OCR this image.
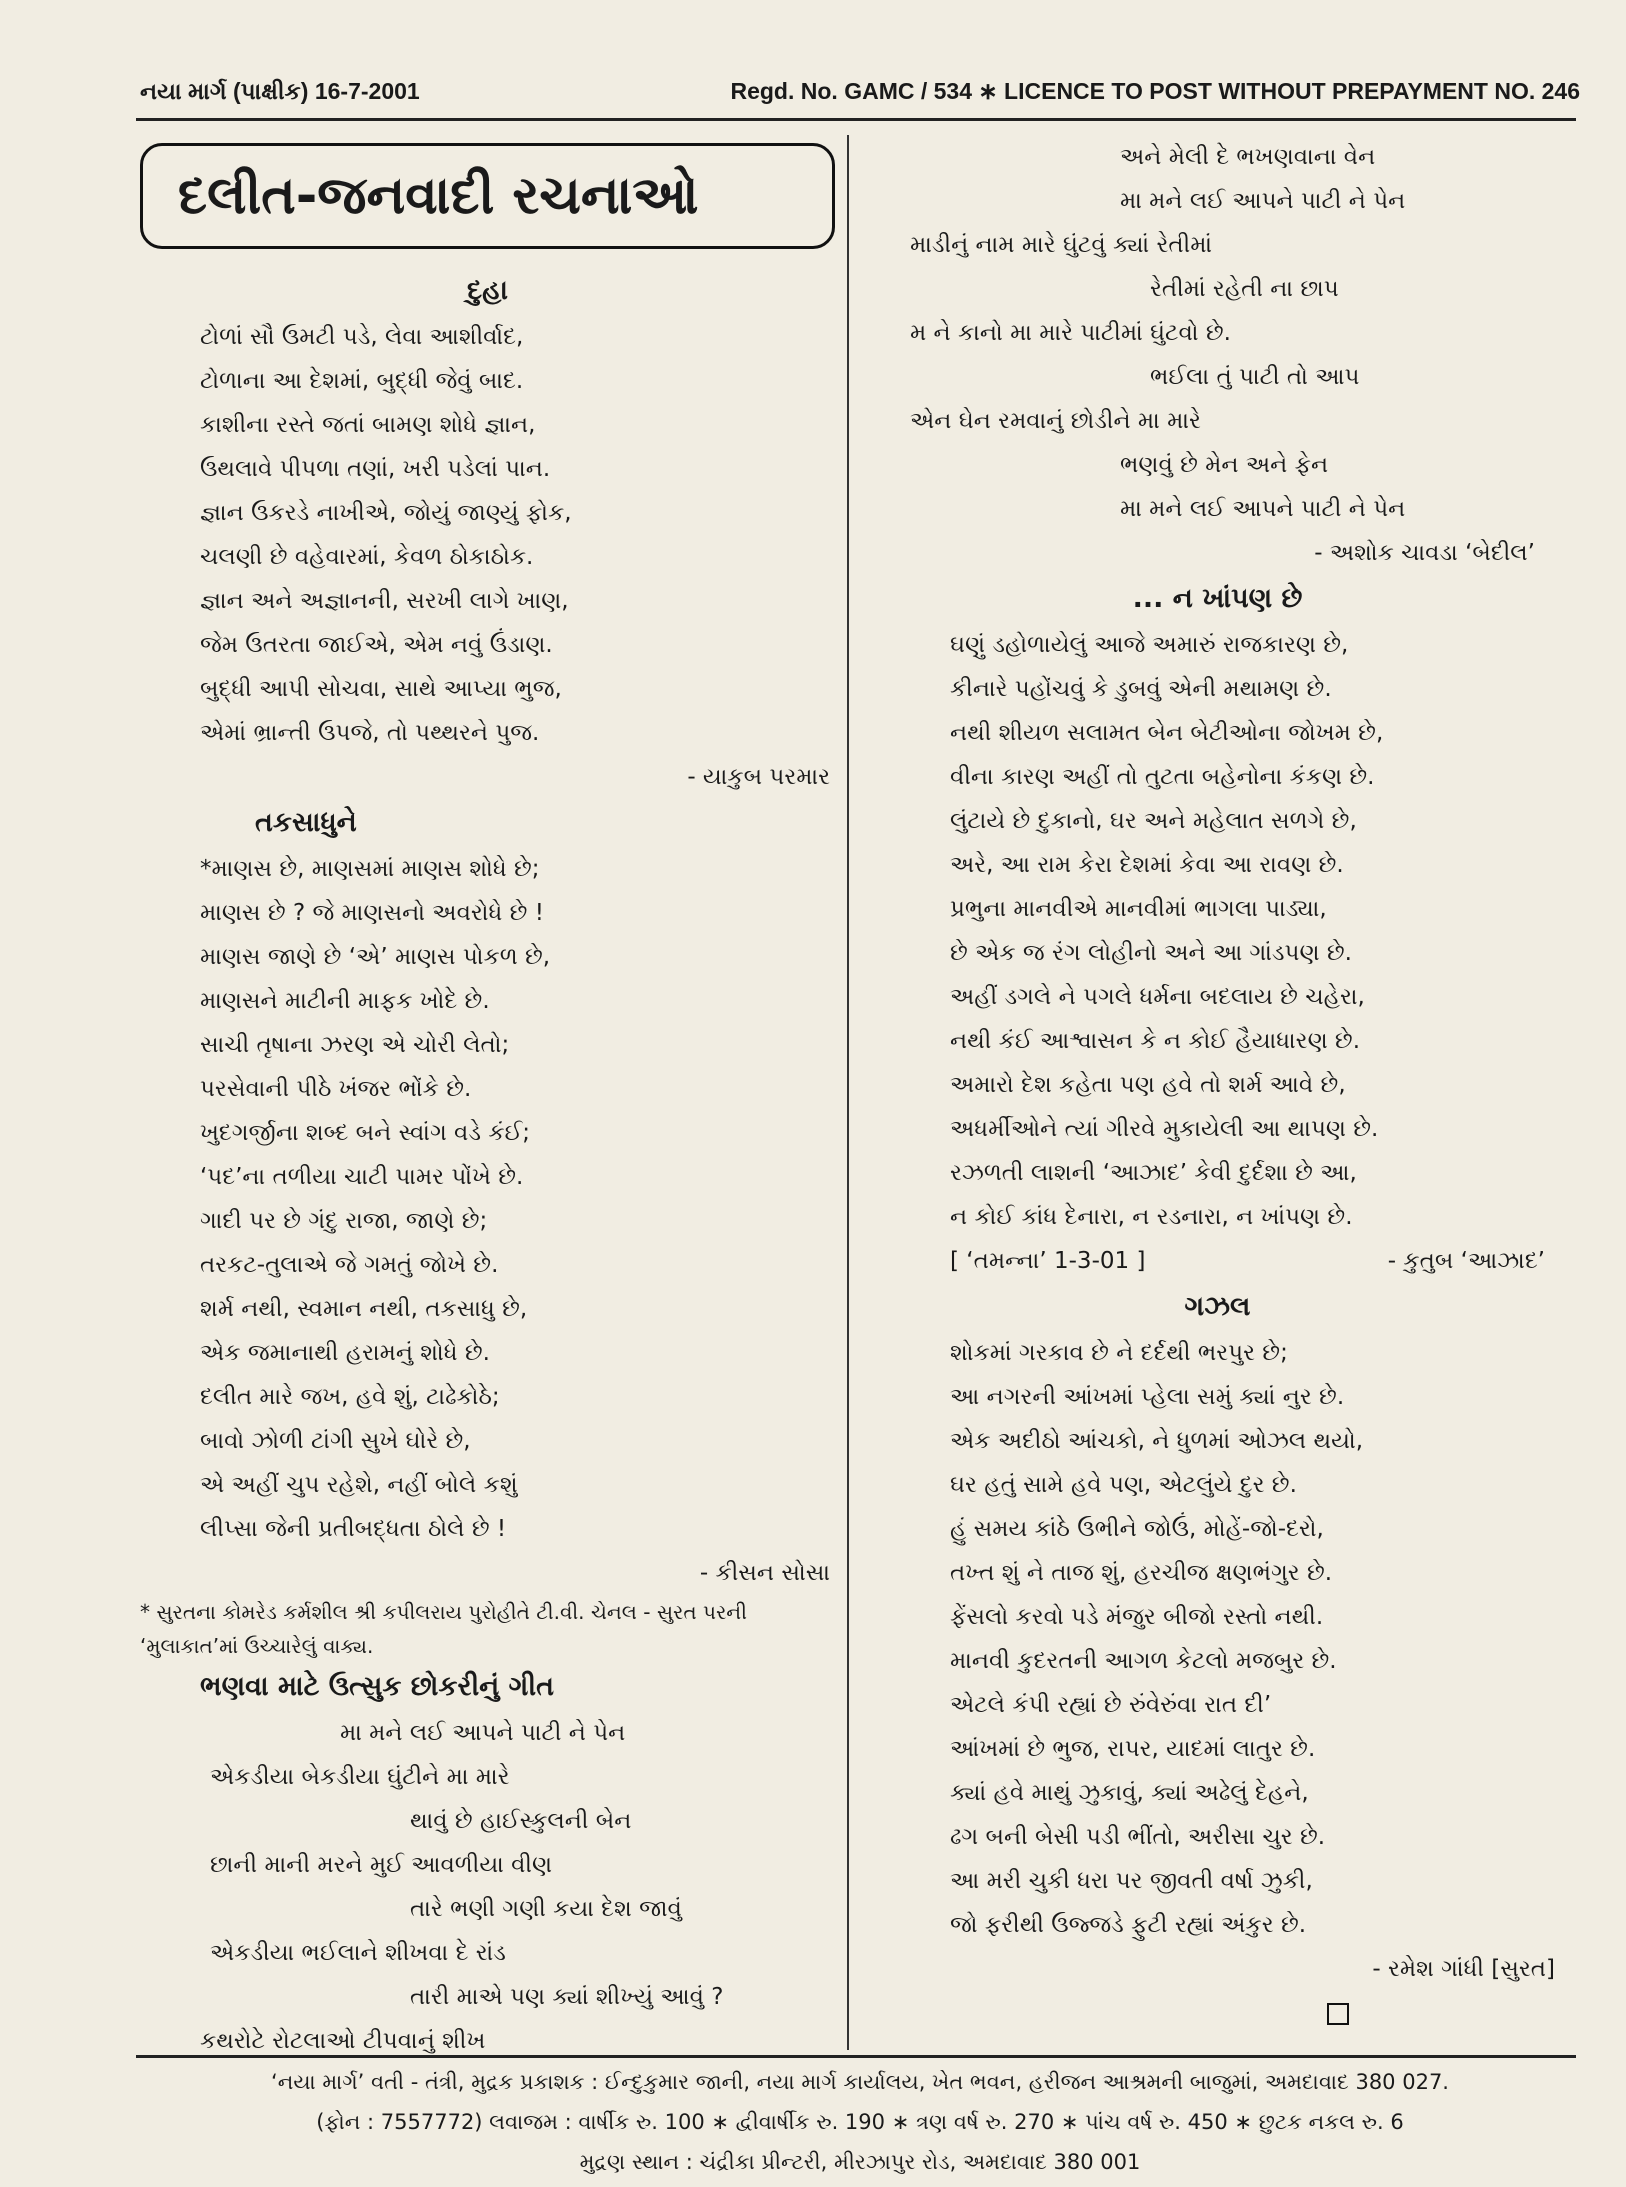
નયા માર્ગ (પાક્ષીક) 16-7-2001	Regd. No. GAMC / 534 ∗ LICENCE TO POST WITHOUT PREPAYMENT NO. 246
દલીત-જનવાદી રચનાઓ
દુહા
ટોળાં સૌ ઉમટી પડે, લેવા આશીર્વાદ,
ટોળાના આ દેશમાં, બુદ્ધી જેવું બાદ.
કાશીના રસ્તે જતાં બામણ શોધે જ્ઞાન,
ઉથલાવે પીપળા તણાં, ખરી પડેલાં પાન.
જ્ઞાન ઉકરડે નાખીએ, જોયું જાણ્યું ફોક,
ચલણી છે વહેવારમાં, કેવળ ઠોકાઠોક.
જ્ઞાન અને અજ્ઞાનની, સરખી લાગે ખાણ,
જેમ ઉતરતા જાઈએ, એમ નવું ઉંડાણ.
બુદ્ધી આપી સોચવા, સાથે આપ્યા ભુજ,
એમાં ભ્રાન્તી ઉપજે, તો પથ્થરને પુજ.
- યાકુબ પરમાર
તકસાધુને
*માણસ છે, માણસમાં માણસ શોધે છે;
માણસ છે ? જે માણસનો અવરોધે છે !
માણસ જાણે છે ‘એ’ માણસ પોકળ છે,
માણસને માટીની માફક ખોદે છે.
સાચી તૃષાના ઝરણ એ ચોરી લેતો;
પરસેવાની પીઠે ખંજર ભોંકે છે.
ખુદગર્જીના શબ્દ બને સ્વાંગ વડે કંઈ;
‘પદ’ના તળીયા ચાટી પામર પોંખે છે.
ગાદી પર છે ગંદુ રાજા, જાણે છે;
તરકટ-તુલાએ જે ગમતું જોખે છે.
શર્મ નથી, સ્વમાન નથી, તકસાધુ છે,
એક જમાનાથી હરામનું શોધે છે.
દલીત મારે જખ, હવે શું, ટાઢેકોઠે;
બાવો ઝોળી ટાંગી સુખે ઘોરે છે,
એ અહીં ચુપ રહેશે, નહીં બોલે કશું
લીપ્સા જેની પ્રતીબદ્ધતા ઠોલે છે !
- કીસન સોસા
* સુરતના કોમરેડ કર્મશીલ શ્રી કપીલરાય પુરોહીતે ટી.વી. ચેનલ - સુરત પરની ‘મુલાકાત’માં ઉચ્ચારેલું વાક્ય.
ભણવા માટે ઉત્સુક છોકરીનું ગીત
મા મને લઈ આપને પાટી ને પેન
એકડીયા બેકડીયા ઘુંટીને મા મારે
થાવું છે હાઈસ્કુલની બેન
છાની માની મરને મુઈ આવળીયા વીણ
તારે ભણી ગણી કયા દેશ જાવું
એકડીયા ભઈલાને શીખવા દે રાંડ
તારી માએ પણ ક્યાં શીખ્યું આવું ?
કથરોટે રોટલાઓ ટીપવાનું શીખ
અને મેલી દે ભખણવાના વેન
મા મને લઈ આપને પાટી ને પેન
માડીનું નામ મારે ઘુંટવું ક્યાં રેતીમાં
રેતીમાં રહેતી ના છાપ
મ ને કાનો મા મારે પાટીમાં ઘુંટવો છે.
ભઈલા તું પાટી તો આપ
એન ઘેન રમવાનું છોડીને મા મારે
ભણવું છે મેન અને ફેન
મા મને લઈ આપને પાટી ને પેન
- અશોક ચાવડા ‘બેદીલ’
... ન ખાંપણ છે
ઘણું ડહોળાયેલું આજે અમારું રાજકારણ છે,
કીનારે પહોંચવું કે ડુબવું એની મથામણ છે.
નથી શીયળ સલામત બેન બેટીઓના જોખમ છે,
વીના કારણ અહીં તો તુટતા બહેનોના કંકણ છે.
લુંટાયે છે દુકાનો, ઘર અને મહેલાત સળગે છે,
અરે, આ રામ કેરા દેશમાં કેવા આ રાવણ છે.
પ્રભુના માનવીએ માનવીમાં ભાગલા પાડ્યા,
છે એક જ રંગ લોહીનો અને આ ગાંડપણ છે.
અહીં ડગલે ને પગલે ધર્મના બદલાય છે ચહેરા,
નથી કંઈ આશ્વાસન કે ન કોઈ હૈયાધારણ છે.
અમારો દેશ કહેતા પણ હવે તો શર્મ આવે છે,
અધર્મીઓને ત્યાં ગીરવે મુકાયેલી આ થાપણ છે.
રઝળતી લાશની ‘આઝાદ’ કેવી દુર્દશા છે આ,
ન કોઈ કાંધ દેનારા, ન રડનારા, ન ખાંપણ છે.
[ ‘તમન્ના’ 1-3-01 ]	- કુતુબ ‘આઝાદ’
ગઝલ
શોકમાં ગરકાવ છે ને દર્દથી ભરપુર છે;
આ નગરની આંખમાં પ્હેલા સમું ક્યાં નુર છે.
એક અદીઠો આંચકો, ને ધુળમાં ઓઝલ થયો,
ઘર હતું સામે હવે પણ, એટલુંયે દુર છે.
હું સમય કાંઠે ઉભીને જોઉં, મોહેં-જો-દરો,
તખ્ત શું ને તાજ શું, હરચીજ ક્ષણભંગુર છે.
ફેંસલો કરવો પડે મંજુર બીજો રસ્તો નથી.
માનવી કુદરતની આગળ કેટલો મજબુર છે.
એટલે કંપી રહ્યાં છે રુંવેરુંવા રાત દી’
આંખમાં છે ભુજ, રાપર, યાદમાં લાતુર છે.
ક્યાં હવે માથું ઝુકાવું, ક્યાં અઢેલું દેહને,
ઢગ બની બેસી પડી ભીંતો, અરીસા ચુર છે.
આ મરી ચુકી ધરા પર જીવતી વર્ષા ઝુકી,
જો ફરીથી ઉજ્જડે ફુટી રહ્યાં અંકુર છે.
- રમેશ ગાંધી [સુરત]
‘નયા માર્ગ’ વતી - તંત્રી, મુદ્રક પ્રકાશક : ઈન્દુકુમાર જાની, નયા માર્ગ કાર્યાલય, ખેત ભવન, હરીજન આશ્રમની બાજુમાં, અમદાવાદ 380 027.
(ફોન : 7557772) લવાજમ : વાર્ષીક રુ. 100 ∗ દ્વીવાર્ષીક રુ. 190 ∗ ત્રણ વર્ષ રુ. 270 ∗ પાંચ વર્ષ રુ. 450 ∗ છુટક નકલ રુ. 6
મુદ્રણ સ્થાન : ચંદ્રીકા પ્રીન્ટરી, મીરઝાપુર રોડ, અમદાવાદ 380 001
